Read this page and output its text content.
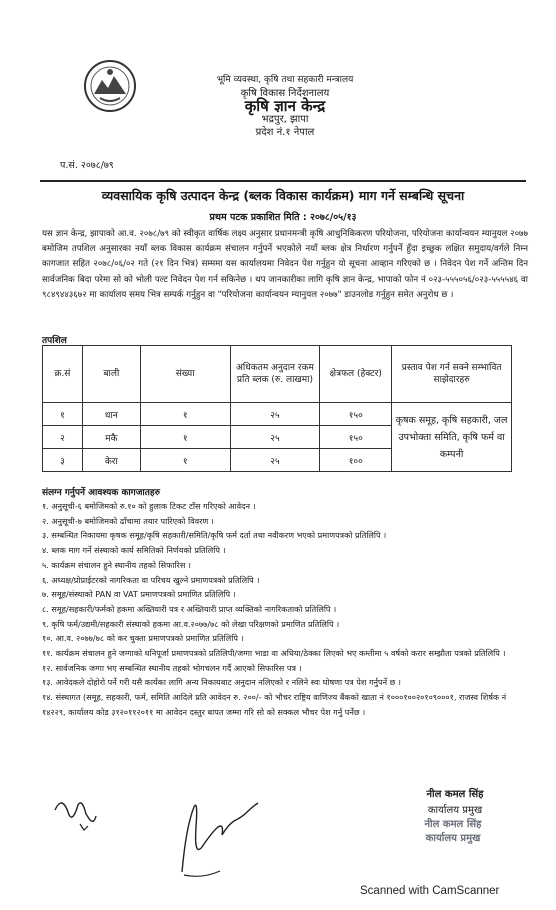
भूमि व्यवस्था, कृषि तथा सहकारी मन्त्रालय
कृषि विकास निर्देशनालय
कृषि ज्ञान केन्द्र
भद्रपुर, झापा
प्रदेश नं.१ नेपाल
प.सं. २०७८/७९
व्यवसायिक कृषि उत्पादन केन्द्र (ब्लक विकास कार्यक्रम) माग गर्ने सम्बन्धि सूचना
प्रथम पटक प्रकाशित मिति : २०७८/०५/१३
यस ज्ञान केन्द्र, झापाको आ.व. २०७८/७९ को स्वीकृत वार्षिक लक्ष्य अनुसार प्रधानमन्त्री कृषि आधुनिकिकरण परियोजना, परियोजना कार्यान्वयन म्यानुयल २०७७ बमोजिम तपशिल अनुसारका नयाँ ब्लक विकास कार्यक्रम संचालन गर्नुपर्ने भएकोले नयाँ ब्लक क्षेत्र निर्धारण गर्नुपर्ने हुँदा इच्छुक लक्षित समुदाय/वर्गले निम्न कागजात सहित २०७८/०६/०२ गते (२१ दिन भित्र) सम्ममा यस कार्यालयमा निवेदन पेश गर्नुहुन यो सूचना आव्हान गरिएको छ । निवेदन पेश गर्ने अन्तिम दिन सार्वजनिक बिदा परेमा सो को भोली पल्ट निवेदन पेश गर्न सकिनेछ । थप जानकारीका लागि कृषि ज्ञान केन्द्र, भापाको फोन नं ०२३-५५५०५६/०२३-५५५५४६ वा ९८४९४४३६७२ मा कार्यालय समय भित्र सम्पर्क गर्नुहुन वा "परियोजना कार्यान्वयन म्यानुयल २०७७" डाउनलोड गर्नुहुन समेत अनुरोध छ ।
तपशिल
क्र.सं	बाली	संख्या	अधिकतम अनुदान रकम प्रति ब्लक (रु. लाखमा)	क्षेत्रफल (हेक्टर)	प्रस्ताव पेश गर्न सक्ने सम्भावित साझेदारहरु
१	धान	१	२५	१५०	कृषक समूह, कृषि सहकारी, जल उपभोक्ता समिति, कृषि फर्म वा कम्पनी
२	मकै	१	२५	१५०	
३	केरा	१	२५	१००	
संलग्न गर्नुपर्ने आवश्यक कागजातहरु
१. अनुसूची-६ बमोजिमको रु.१० को हुलाक टिकट टाँस गरिएको आवेदन ।
२. अनुसूची-७ बमोजिमको ढाँचामा तयार पारिएको विवरण ।
३. सम्बन्धित निकायमा कृषक समूह/कृषि सहकारी/समिति/कृषि फर्म दर्ता तथा नवीकरण भएको प्रमाणपत्रको प्रतिलिपि ।
४. ब्लक माग गर्ने संस्थाको कार्य समितिको निर्णयको प्रतिलिपि ।
५. कार्यक्रम संचालन हुने स्थानीय तहको सिफारिस ।
६. अध्यक्ष/प्रोप्राईटरको नागरिकता वा परिचय खुल्ने प्रमाणपत्रको प्रतिलिपि ।
७. समूह/संस्थाको PAN वा VAT प्रमाणपत्रको प्रमाणित प्रतिलिपि ।
८. समूह/सहकारी/फर्मको हकमा अख्तियारी पत्र र अख्तियारी प्राप्त व्यक्तिको नागरिकताको प्रतिलिपि ।
९. कृषि फर्म/उद्यमी/सहकारी संस्थाको हकमा आ.व.२०७७/७८ को लेखा परिक्षणको प्रमाणित प्रतिलिपि ।
१०. आ.व. २०७७/७८ को कर चुक्ता प्रमाणपत्रको प्रमाणित प्रतिलिपि ।
११. कार्यक्रम संचालन हुने जग्गाको धनिपूर्जा प्रमाणपत्रको प्रतिलिपी/जग्गा भाडा वा अधिया/ठेक्का लिएको भए कम्तीमा ५ वर्षको करार सम्झौता पत्रको प्रतिलिपि ।
१२. सार्वजनिक जग्गा भए सम्बन्धित स्थानीय तहको भोगचलन गर्दै आएको सिफारिस पत्र ।
१३. आवेदकले दोहोरो पर्ने गरी यसै कार्यका लागि अन्य निकायबाट अनुदान नलिएको र नलिने स्वः घोषणा पत्र पेश गर्नुपर्ने छ ।
१४. संस्थागत (समूह, सहकारी, फर्म, समिति आदिले प्रति आवेदन रु. २००/- को भौचर राष्ट्रिय वाणिज्य बैंकको खाता नं १०००१००२०१०९०००१, राजस्व शिर्षक नं १४२२९, कार्यालय कोड ३१२०११२०११ मा आवेदन दस्तुर बापत जम्मा गरि सो को सक्कल भौचर पेश गर्नु पर्नेछ ।
नील कमल सिंह
कार्यालय प्रमुख
नील कमल सिंह
कार्यालय प्रमुख
Scanned with CamScanner
